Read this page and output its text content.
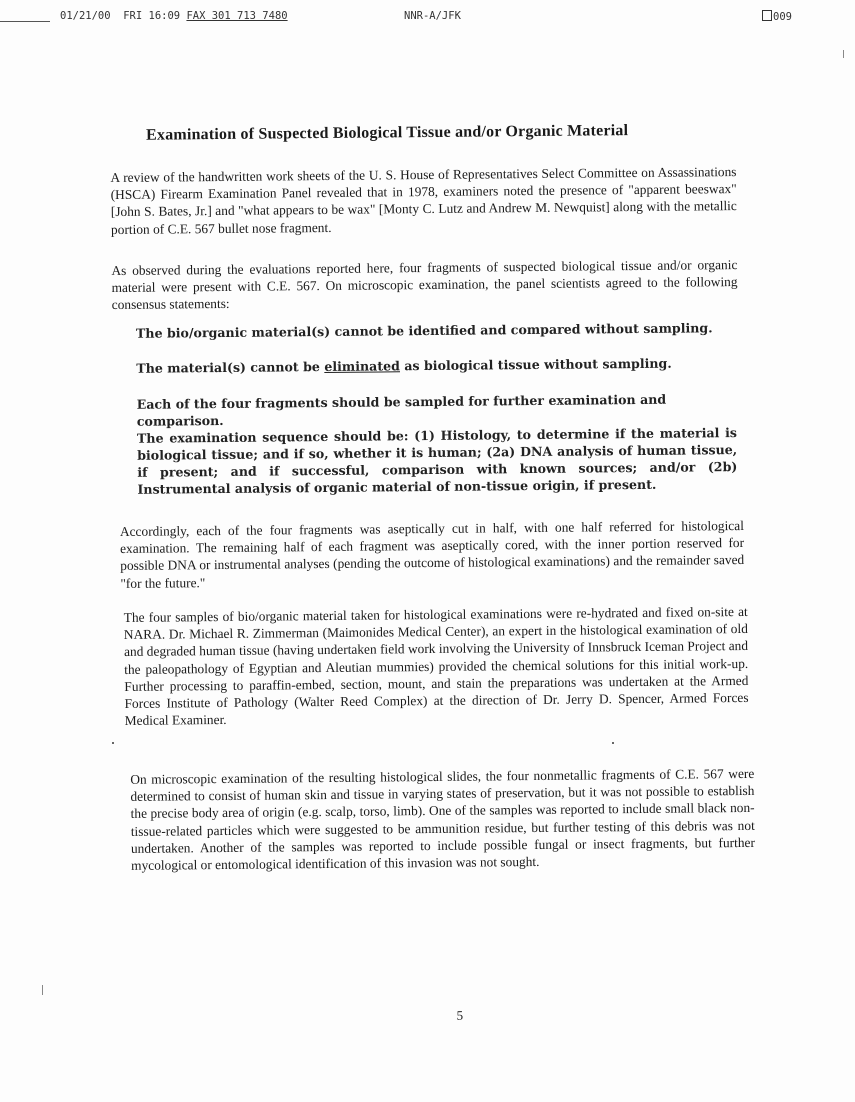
01/21/00  FRI 16:09 FAX 301 713 7480	NNR-A/JFK	009
Examination of Suspected Biological Tissue and/or Organic Material
A review of the handwritten work sheets of the U. S. House of Representatives Select Committee on Assassinations (HSCA) Firearm Examination Panel revealed that in 1978, examiners noted the presence of "apparent beeswax" [John S. Bates, Jr.] and "what appears to be wax" [Monty C. Lutz and Andrew M. Newquist] along with the metallic portion of C.E. 567 bullet nose fragment.
As observed during the evaluations reported here, four fragments of suspected biological tissue and/or organic material were present with C.E. 567. On microscopic examination, the panel scientists agreed to the following consensus statements:
The bio/organic material(s) cannot be identified and compared without sampling.
The material(s) cannot be eliminated as biological tissue without sampling.
Each of the four fragments should be sampled for further examination and comparison.
The examination sequence should be: (1) Histology, to determine if the material is biological tissue; and if so, whether it is human; (2a) DNA analysis of human tissue, if present; and if successful, comparison with known sources; and/or (2b) Instrumental analysis of organic material of non-tissue origin, if present.
Accordingly, each of the four fragments was aseptically cut in half, with one half referred for histological examination. The remaining half of each fragment was aseptically cored, with the inner portion reserved for possible DNA or instrumental analyses (pending the outcome of histological examinations) and the remainder saved "for the future."
The four samples of bio/organic material taken for histological examinations were re-hydrated and fixed on-site at NARA. Dr. Michael R. Zimmerman (Maimonides Medical Center), an expert in the histological examination of old and degraded human tissue (having undertaken field work involving the University of Innsbruck Iceman Project and the paleopathology of Egyptian and Aleutian mummies) provided the chemical solutions for this initial work-up. Further processing to paraffin-embed, section, mount, and stain the preparations was undertaken at the Armed Forces Institute of Pathology (Walter Reed Complex) at the direction of Dr. Jerry D. Spencer, Armed Forces Medical Examiner.
On microscopic examination of the resulting histological slides, the four nonmetallic fragments of C.E. 567 were determined to consist of human skin and tissue in varying states of preservation, but it was not possible to establish the precise body area of origin (e.g. scalp, torso, limb). One of the samples was reported to include small black non-tissue-related particles which were suggested to be ammunition residue, but further testing of this debris was not undertaken. Another of the samples was reported to include possible fungal or insect fragments, but further mycological or entomological identification of this invasion was not sought.
5
